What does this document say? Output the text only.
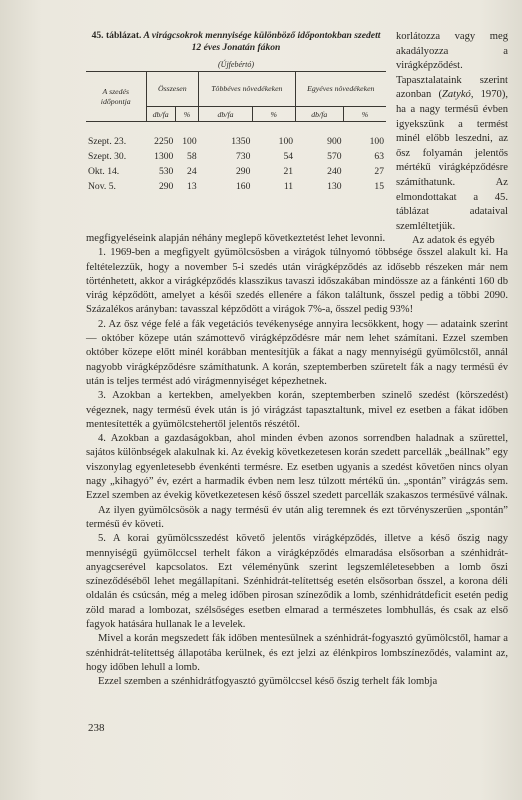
45. táblázat. A virágcsokrok mennyisége különböző időpontokban szedett 12 éves Jonatán fákon

(Újfebértó)
A szedés időpontja	Összesen		Többéves növedékeken		Egyéves növedékeken	
	db/fa	%	db/fa	%	db/fa	%
Szept. 23.	2250	100	1350	100	900	100
Szept. 30.	1300	58	730	54	570	63
Okt. 14.	530	24	290	21	240	27
Nov. 5.	290	13	160	11	130	15

korlátozza vagy meg akadályozza a virágképződést. Tapasztalataink szerint azonban (Zatykó, 1970), ha a nagy termésű évben igyekszünk a termést minél előbb leszedni, az ősz folyamán jelentős mértékű virágképződésre számíthatunk. Az elmondottakat a 45. táblázat adataival szemléltetjük.

Az adatok és egyéb

megfigyeléseink alapján néhány meglepő következtetést lehet levonni.

1. 1969-ben a megfigyelt gyümölcsösben a virágok túlnyomó többsége ősszel alakult ki. Ha feltételezzük, hogy a november 5-i szedés után virágképződés az idősebb részeken már nem történhetett, akkor a virágképződés klasszikus tavaszi időszakában mindössze az a fánkénti 160 db virág képződött, amelyet a késői szedés ellenére a fákon találtunk, ősszel pedig a többi 2090. Százalékos arányban: tavasszal képződött a virágok 7%-a, ősszel pedig 93%!

2. Az ősz vége felé a fák vegetációs tevékenysége annyira lecsökkent, hogy — adataink szerint — október közepe után számottevő virágképződésre már nem lehet számítani. Ezzel szemben október közepe előtt minél korábban mentesítjük a fákat a nagy mennyiségű gyümölcstől, annál nagyobb virágképződésre számíthatunk. A korán, szeptemberben szüretelt fák a nagy termésű év után is teljes termést adó virágmennyiséget képezhetnek.

3. Azokban a kertekben, amelyekben korán, szeptemberben szinelő szedést (körszedést) végeznek, nagy termésű évek után is jó virágzást tapasztaltunk, mivel ez esetben a fákat időben mentesítették a gyümölcstehertől jelentős részétől.

4. Azokban a gazdaságokban, ahol minden évben azonos sorrendben haladnak a szürettel, sajátos különbségek alakulnak ki. Az évekig következetesen korán szedett parcellák „beállnak” egy viszonylag egyenletesebb évenkénti termésre. Ez esetben ugyanis a szedést követően nincs olyan nagy „kihagyó” év, ezért a harmadik évben nem lesz túlzott mértékű ún. „spontán” virágzás sem. Ezzel szemben az évekig következetesen késő ősszel szedett parcellák szakaszos termésűvé válnak.

Az ilyen gyümölcsösök a nagy termésű év után alig teremnek és ezt törvényszerűen „spontán” termésű év követi.

5. A korai gyümölcsszedést követő jelentős virágképződés, illetve a késő őszig nagy mennyiségű gyümölccsel terhelt fákon a virágképződés elmaradása elsősorban a szénhidrát-anyagcserével kapcsolatos. Ezt véleményünk szerint legszemléletesebben a lomb őszi színeződéséből lehet megállapítani. Szénhidrát-telítettség esetén elsősorban ősszel, a korona déli oldalán és csúcsán, még a meleg időben pirosan színeződik a lomb, szénhidrátdeficit esetén pedig zöld marad a lombozat, szélsőséges esetben elmarad a természetes lombhullás, és csak az első fagyok hatására hullanak le a levelek.

Mivel a korán megszedett fák időben mentesülnek a szénhidrát-fogyasztó gyümölcstől, hamar a szénhidrát-telítettség állapotába kerülnek, és ezt jelzi az élénkpiros lombszíneződés, valamint az, hogy időben lehull a lomb.

Ezzel szemben a szénhidrátfogyasztó gyümölccsel késő őszig terhelt fák lombja

238
